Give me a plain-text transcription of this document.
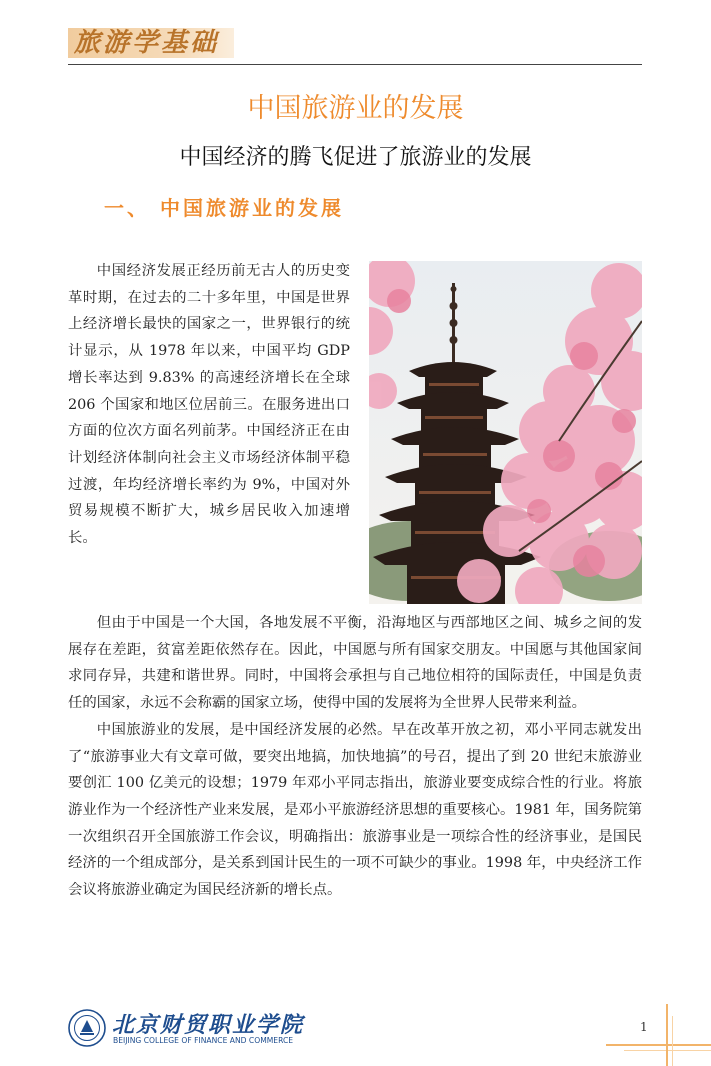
旅游学基础
中国旅游业的发展
中国经济的腾飞促进了旅游业的发展
一、 中国旅游业的发展

中国经济发展正经历前无古人的历史变革时期，在过去的二十多年里，中国是世界上经济增长最快的国家之一，世界银行的统计显示，从 1978 年以来，中国平均 GDP 增长率达到 9.83% 的高速经济增长在全球 206 个国家和地区位居前三。在服务进出口方面的位次方面名列前茅。中国经济正在由计划经济体制向社会主义市场经济体制平稳过渡，年均经济增长率约为 9%，中国对外贸易规模不断扩大，城乡居民收入加速增长。

但由于中国是一个大国，各地发展不平衡，沿海地区与西部地区之间、城乡之间的发展存在差距，贫富差距依然存在。因此，中国愿与所有国家交朋友。中国愿与其他国家间求同存异，共建和谐世界。同时，中国将会承担与自己地位相符的国际责任，中国是负责任的国家，永远不会称霸的国家立场，使得中国的发展将为全世界人民带来利益。

中国旅游业的发展，是中国经济发展的必然。早在改革开放之初，邓小平同志就发出了“旅游事业大有文章可做，要突出地搞，加快地搞”的号召，提出了到 20 世纪末旅游业要创汇 100 亿美元的设想；1979 年邓小平同志指出，旅游业要变成综合性的行业。将旅游业作为一个经济性产业来发展，是邓小平旅游经济思想的重要核心。1981 年，国务院第一次组织召开全国旅游工作会议，明确指出：旅游事业是一项综合性的经济事业，是国民经济的一个组成部分，是关系到国计民生的一项不可缺少的事业。1998 年，中央经济工作会议将旅游业确定为国民经济新的增长点。

北京财贸职业学院
BEIJING COLLEGE OF FINANCE AND COMMERCE
1
